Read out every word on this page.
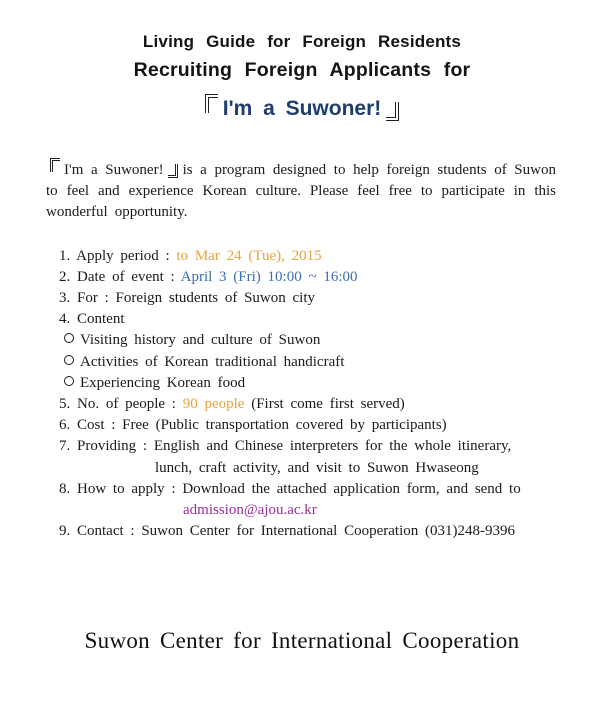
Living Guide for Foreign Residents
Recruiting Foreign Applicants for
I'm a Suwoner!

I'm a Suwoner! is a program designed to help foreign students of Suwon to feel and experience Korean culture. Please feel free to participate in this wonderful opportunity.

1. Apply period : to Mar 24 (Tue), 2015
2. Date of event : April 3 (Fri) 10:00 ~ 16:00
3. For : Foreign students of Suwon city
4. Content
Visiting history and culture of Suwon
Activities of Korean traditional handicraft
Experiencing Korean food
5. No. of people : 90 people (First come first served)
6. Cost : Free (Public transportation covered by participants)
7. Providing : English and Chinese interpreters for the whole itinerary,
lunch, craft activity, and visit to Suwon Hwaseong
8. How to apply : Download the attached application form, and send to
admission@ajou.ac.kr
9. Contact : Suwon Center for International Cooperation (031)248-9396
Suwon Center for International Cooperation
